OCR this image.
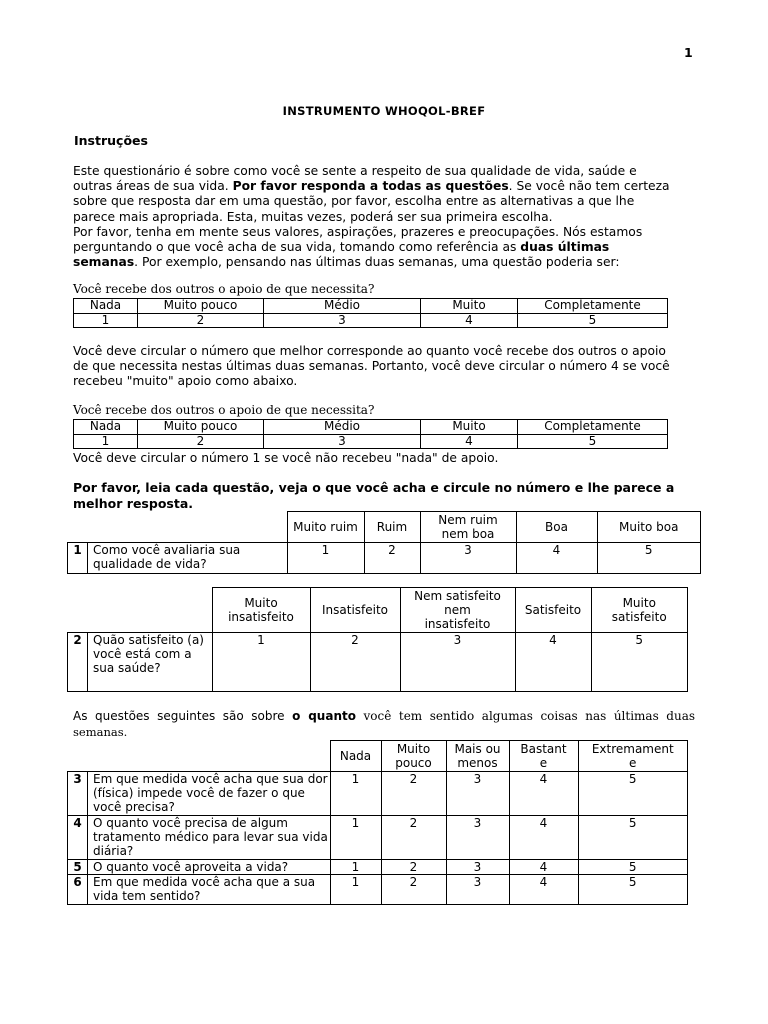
1
INSTRUMENTO WHOQOL-BREF
Instruções
Este questionário é sobre como você se sente a respeito de sua qualidade de vida, saúde e
outras áreas de sua vida. Por favor responda a todas as questões. Se você não tem certeza
sobre que resposta dar em uma questão, por favor, escolha entre as alternativas a que lhe
parece mais apropriada. Esta, muitas vezes, poderá ser sua primeira escolha.
Por favor, tenha em mente seus valores, aspirações, prazeres e preocupações. Nós estamos
perguntando o que você acha de sua vida, tomando como referência as duas últimas
semanas. Por exemplo, pensando nas últimas duas semanas, uma questão poderia ser:
Você recebe dos outros o apoio de que necessita?
Nada	Muito pouco	Médio	Muito	Completamente
1	2	3	4	5
Você deve circular o número que melhor corresponde ao quanto você recebe dos outros o apoio
de que necessita nestas últimas duas semanas. Portanto, você deve circular o número 4 se você
recebeu "muito" apoio como abaixo.
Você recebe dos outros o apoio de que necessita?
Nada	Muito pouco	Médio	Muito	Completamente
1	2	3	4	5
Você deve circular o número 1 se você não recebeu "nada" de apoio.
Por favor, leia cada questão, veja o que você acha e circule no número e lhe parece a
melhor resposta.
		Muito ruim	Ruim	Nem ruim
nem boa	Boa	Muito boa
1	Como você avaliaria sua qualidade de vida?	1	2	3	4	5
		Muito
insatisfeito	Insatisfeito	Nem satisfeito
nem
insatisfeito	Satisfeito	Muito
satisfeito
2	Quão satisfeito (a) você está com a sua saúde?	1	2	3	4	5
As questões seguintes são sobre o quanto você tem sentido algumas coisas nas últimas duas
semanas.
		Nada	Muito
pouco	Mais ou
menos	Bastant
e	Extremament
e
3	Em que medida você acha que sua dor (física) impede você de fazer o que você precisa?	1	2	3	4	5
4	O quanto você precisa de algum tratamento médico para levar sua vida diária?	1	2	3	4	5
5	O quanto você aproveita a vida?	1	2	3	4	5
6	Em que medida você acha que a sua vida tem sentido?	1	2	3	4	5
